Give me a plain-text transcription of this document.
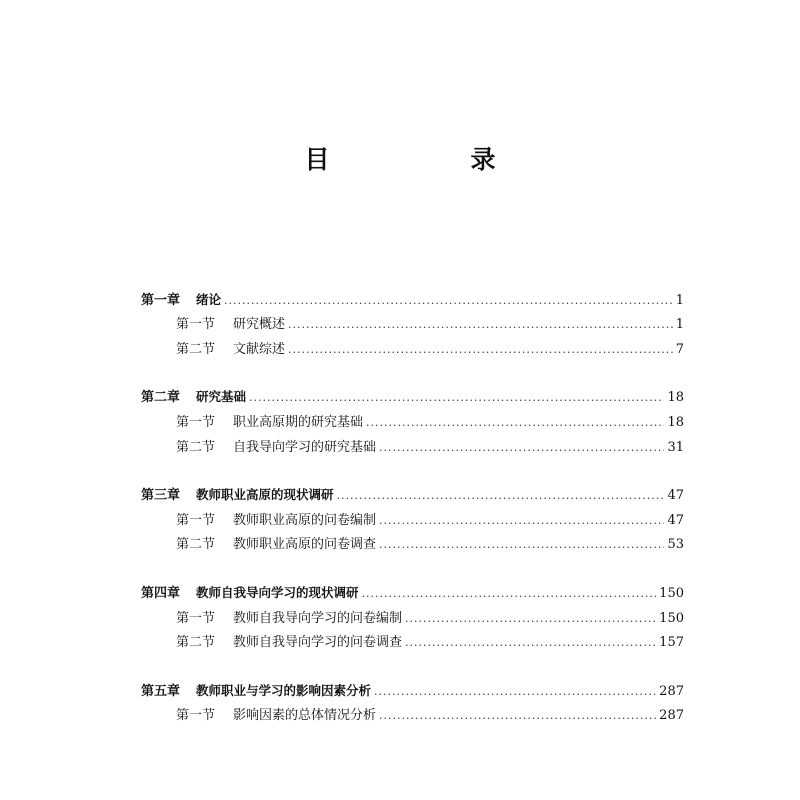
目　录
第一章 绪论 .....	1
第一节 研究概述 .....	1
第二节 文献综述 .....	7
第二章 研究基础 .....	18
第一节 职业高原期的研究基础 .....	18
第二节 自我导向学习的研究基础 .....	31
第三章 教师职业高原的现状调研 .....	47
第一节 教师职业高原的问卷编制 .....	47
第二节 教师职业高原的问卷调查 .....	53
第四章 教师自我导向学习的现状调研 .....	150
第一节 教师自我导向学习的问卷编制 .....	150
第二节 教师自我导向学习的问卷调查 .....	157
第五章 教师职业与学习的影响因素分析 .....	287
第一节 影响因素的总体情况分析 .....	287
